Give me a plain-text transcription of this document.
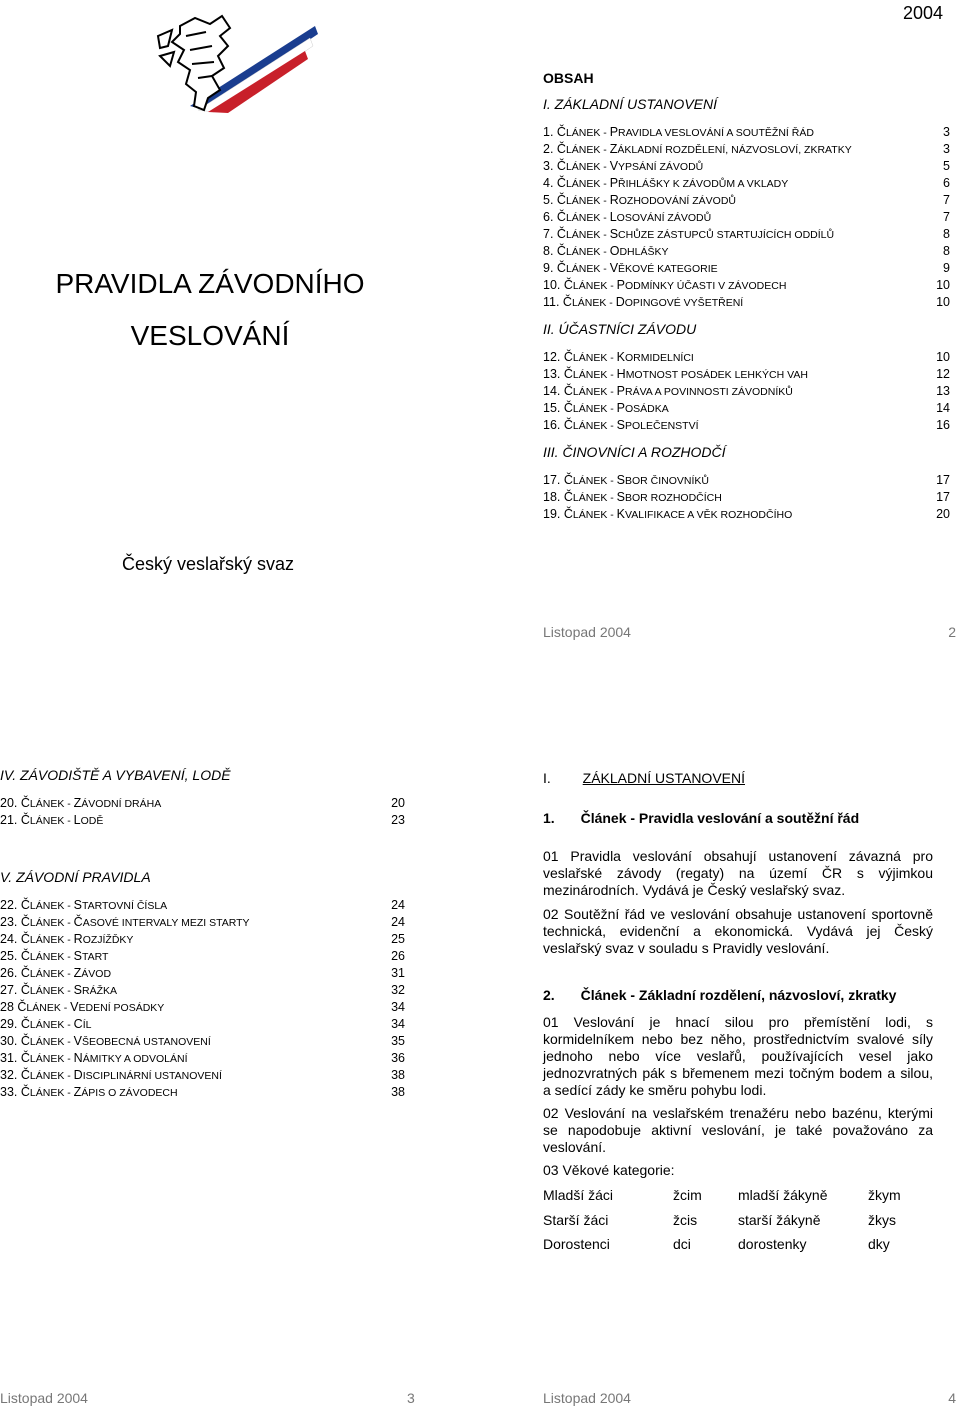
2004
PRAVIDLA ZÁVODNÍHO
VESLOVÁNÍ
Český veslařský svaz
OBSAH
I. ZÁKLADNÍ USTANOVENÍ
1. ČLÁNEK - PRAVIDLA VESLOVÁNÍ A SOUTĚŽNÍ ŘÁD	3
2. ČLÁNEK - ZÁKLADNÍ ROZDĚLENÍ, NÁZVOSLOVÍ, ZKRATKY	3
3. ČLÁNEK - VYPSÁNÍ ZÁVODŮ	5
4. ČLÁNEK - PŘIHLÁŠKY K ZÁVODŮM A VKLADY	6
5. ČLÁNEK - ROZHODOVÁNÍ ZÁVODŮ	7
6. ČLÁNEK - LOSOVÁNÍ ZÁVODŮ	7
7. ČLÁNEK - SCHŮZE ZÁSTUPCŮ STARTUJÍCÍCH ODDÍLŮ	8
8. ČLÁNEK - ODHLÁŠKY	8
9. ČLÁNEK - VĚKOVÉ KATEGORIE	9
10. ČLÁNEK - PODMÍNKY ÚČASTI V ZÁVODECH	10
11. ČLÁNEK - DOPINGOVÉ VYŠETŘENÍ	10
II. ÚČASTNÍCI ZÁVODU
12. ČLÁNEK - KORMIDELNÍCI	10
13. ČLÁNEK - HMOTNOST POSÁDEK LEHKÝCH VAH	12
14. ČLÁNEK - PRÁVA A POVINNOSTI ZÁVODNÍKŮ	13
15. ČLÁNEK - POSÁDKA	14
16. ČLÁNEK - SPOLEČENSTVÍ	16
III. ČINOVNÍCI A ROZHODČÍ
17. ČLÁNEK - SBOR ČINOVNÍKŮ	17
18. ČLÁNEK - SBOR ROZHODČÍCH	17
19. ČLÁNEK - KVALIFIKACE A VĚK ROZHODČÍHO	20
Listopad 2004	2
IV. ZÁVODIŠTĚ A VYBAVENÍ, LODĚ
20. ČLÁNEK - ZÁVODNÍ DRÁHA	20
21. ČLÁNEK - LODĚ	23
V. ZÁVODNÍ PRAVIDLA
22. ČLÁNEK - STARTOVNÍ ČÍSLA	24
23. ČLÁNEK - ČASOVÉ INTERVALY MEZI STARTY	24
24. ČLÁNEK - ROZJÍŽĎKY	25
25. ČLÁNEK - START	26
26. ČLÁNEK - ZÁVOD	31
27. ČLÁNEK - SRÁŽKA	32
28 ČLÁNEK - VEDENÍ POSÁDKY	34
29. ČLÁNEK - CÍL	34
30. ČLÁNEK - VŠEOBECNÁ USTANOVENÍ	35
31. ČLÁNEK - NÁMITKY A ODVOLÁNÍ	36
32. ČLÁNEK - DISCIPLINÁRNÍ USTANOVENÍ	38
33. ČLÁNEK - ZÁPIS O ZÁVODECH	38
Listopad 2004	3
I. ZÁKLADNÍ USTANOVENÍ
1. Článek - Pravidla veslování a soutěžní řád
01 Pravidla veslování obsahují ustanovení závazná pro veslařské závody (regaty) na území ČR s výjimkou mezinárodních. Vydává je Český veslařský svaz.
02 Soutěžní řád ve veslování obsahuje ustanovení sportovně technická, evidenční a ekonomická. Vydává jej Český veslařský svaz v souladu s Pravidly veslování.
2. Článek - Základní rozdělení, názvosloví, zkratky
01 Veslování je hnací silou pro přemístění lodi, s kormidelníkem nebo bez něho, prostřednictvím svalové síly jednoho nebo více veslařů, používajících vesel jako jednozvratných pák s břemenem mezi točným bodem a silou, a sedící zády ke směru pohybu lodi.
02 Veslování na veslařském trenažéru nebo bazénu, kterými se napodobuje aktivní veslování, je také považováno za veslování.
03 Věkové kategorie:
Mladší žáci	žcim	mladší žákyně	žkym
Starší žáci	žcis	starší žákyně	žkys
Dorostenci	dci	dorostenky	dky
Listopad 2004	4
